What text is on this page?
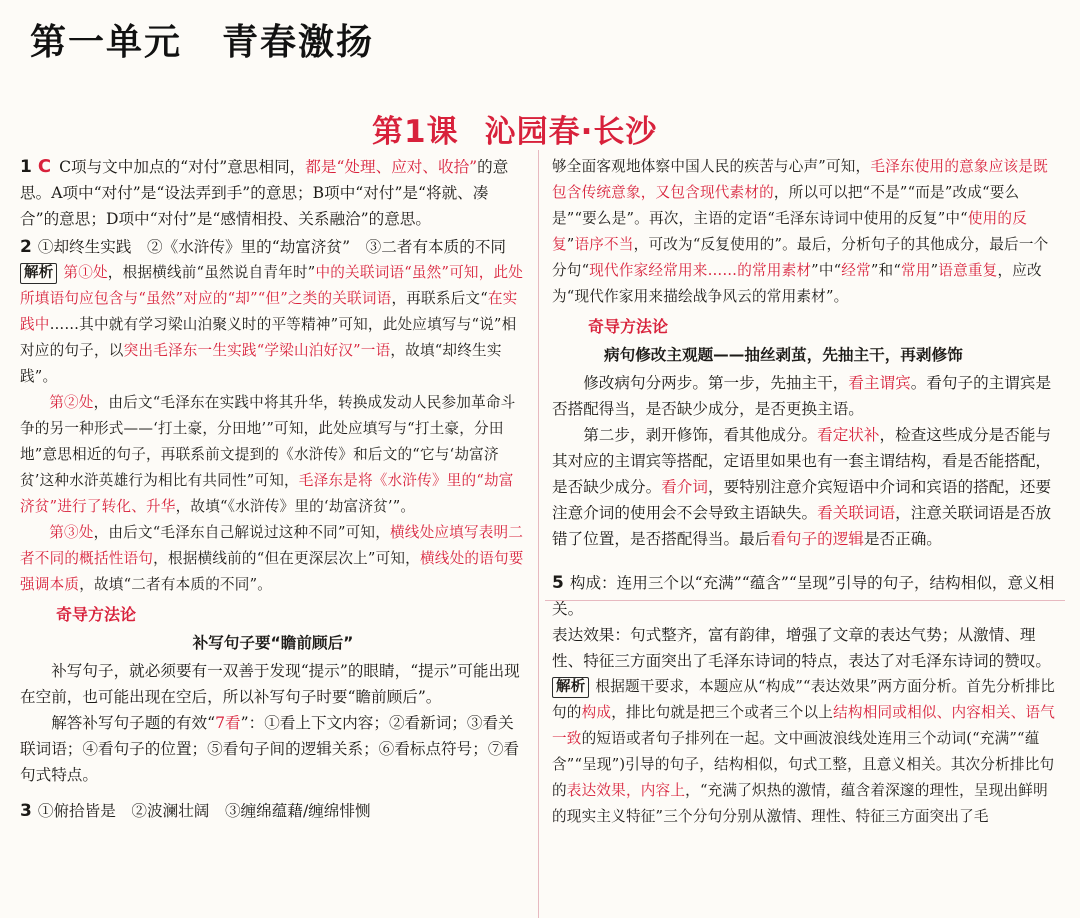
第一单元 青春激扬
第1课 沁园春·长沙

1 C C项与文中加点的“对付”意思相同，都是“处理、应对、收拾”的意思。A项中“对付”是“设法弄到手”的意思；B项中“对付”是“将就、凑合”的意思；D项中“对付”是“感情相投、关系融洽”的意思。

2 ①却终生实践　②《水浒传》里的“劫富济贫”　③二者有本质的不同

解析 第①处，根据横线前“虽然说自青年时”中的关联词语“虽然”可知，此处所填语句应包含与“虽然”对应的“却”“但”之类的关联词语，再联系后文“在实践中……其中就有学习梁山泊聚义时的平等精神”可知，此处应填写与“说”相对应的句子，以突出毛泽东一生实践“学梁山泊好汉”一语，故填“却终生实践”。

第②处，由后文“毛泽东在实践中将其升华，转换成发动人民参加革命斗争的另一种形式——‘打土豪，分田地’”可知，此处应填写与“打土豪，分田地”意思相近的句子，再联系前文提到的《水浒传》和后文的“它与‘劫富济贫’这种水浒英雄行为相比有共同性”可知，毛泽东是将《水浒传》里的“劫富济贫”进行了转化、升华，故填“《水浒传》里的‘劫富济贫’”。

第③处，由后文“毛泽东自己解说过这种不同”可知，横线处应填写表明二者不同的概括性语句，根据横线前的“但在更深层次上”可知，横线处的语句要强调本质，故填“二者有本质的不同”。

奇导方法论
补写句子要“瞻前顾后”

补写句子，就必须要有一双善于发现“提示”的眼睛，“提示”可能出现在空前，也可能出现在空后，所以补写句子时要“瞻前顾后”。

解答补写句子题的有效“7看”：①看上下文内容；②看新词；③看关联词语；④看句子的位置；⑤看句子间的逻辑关系；⑥看标点符号；⑦看句式特点。

3 ①俯拾皆是　②波澜壮阔　③缠绵蕴藉/缠绵悱恻

够全面客观地体察中国人民的疾苦与心声”可知，毛泽东使用的意象应该是既包含传统意象，又包含现代素材的，所以可以把“不是”“而是”改成“要么是”“要么是”。再次，主语的定语“毛泽东诗词中使用的反复”中“使用的反复”语序不当，可改为“反复使用的”。最后，分析句子的其他成分，最后一个分句“现代作家经常用来……的常用素材”中“经常”和“常用”语意重复，应改为“现代作家用来描绘战争风云的常用素材”。

奇导方法论
病句修改主观题——抽丝剥茧，先抽主干，再剥修饰

修改病句分两步。第一步，先抽主干，看主谓宾。看句子的主谓宾是否搭配得当，是否缺少成分，是否更换主语。

第二步，剥开修饰，看其他成分。看定状补，检查这些成分是否能与其对应的主谓宾等搭配，定语里如果也有一套主谓结构，看是否能搭配，是否缺少成分。看介词，要特别注意介宾短语中介词和宾语的搭配，还要注意介词的使用会不会导致主语缺失。看关联词语，注意关联词语是否放错了位置，是否搭配得当。最后看句子的逻辑是否正确。

5 构成：连用三个以“充满”“蕴含”“呈现”引导的句子，结构相似，意义相关。

表达效果：句式整齐，富有韵律，增强了文章的表达气势；从激情、理性、特征三方面突出了毛泽东诗词的特点，表达了对毛泽东诗词的赞叹。

解析 根据题干要求，本题应从“构成”“表达效果”两方面分析。首先分析排比句的构成，排比句就是把三个或者三个以上结构相同或相似、内容相关、语气一致的短语或者句子排列在一起。文中画波浪线处连用三个动词(“充满”“蕴含”“呈现”)引导的句子，结构相似，句式工整，且意义相关。其次分析排比句的表达效果，内容上，“充满了炽热的激情，蕴含着深邃的理性，呈现出鲜明的现实主义特征”三个分句分别从激情、理性、特征三方面突出了毛
